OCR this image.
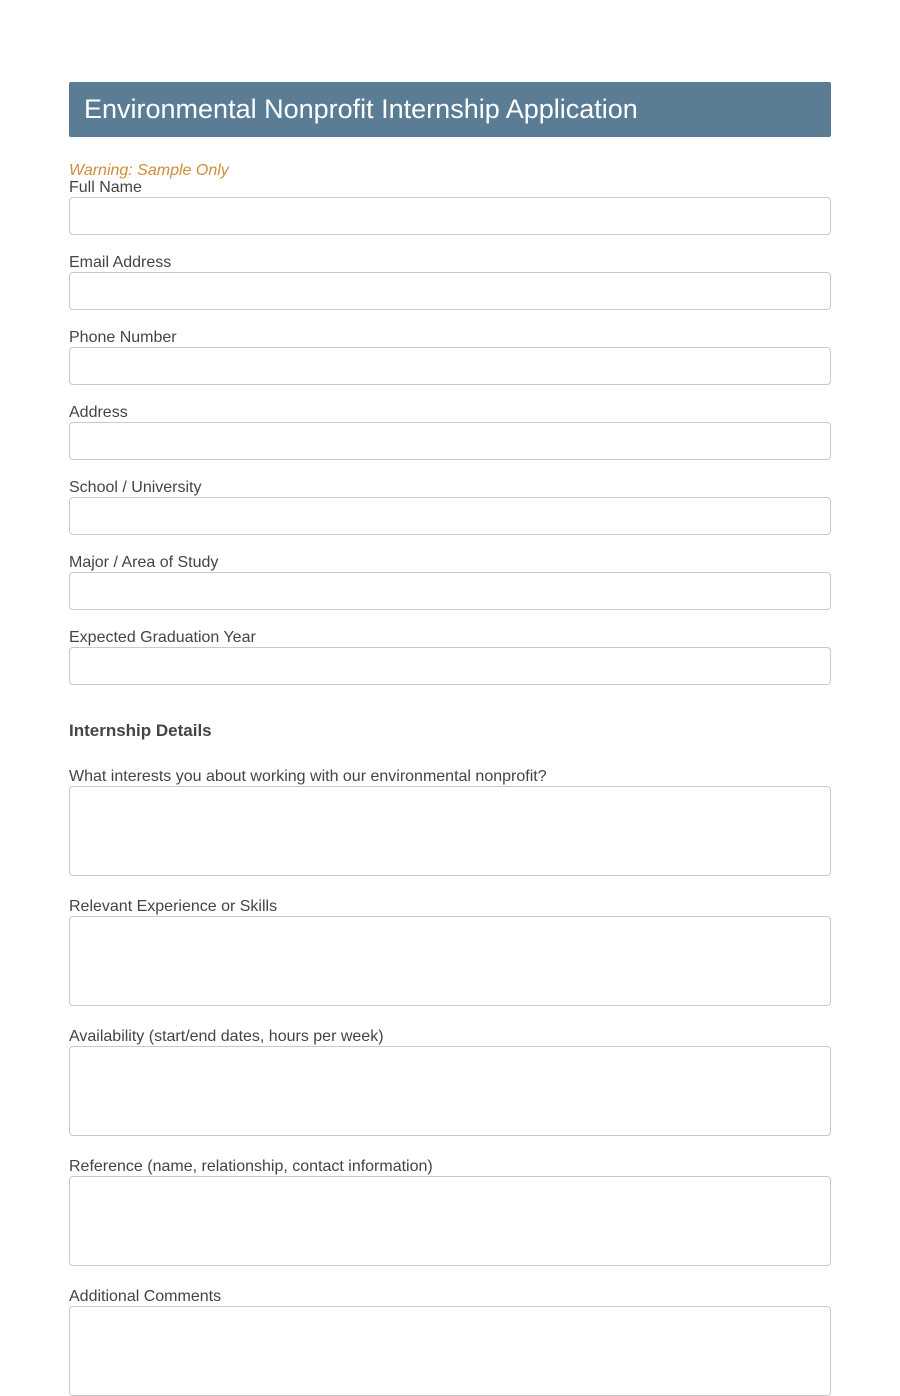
Environmental Nonprofit Internship Application
Warning: Sample Only
Full Name
Email Address
Phone Number
Address
School / University
Major / Area of Study
Expected Graduation Year
Internship Details
What interests you about working with our environmental nonprofit?
Relevant Experience or Skills
Availability (start/end dates, hours per week)
Reference (name, relationship, contact information)
Additional Comments
